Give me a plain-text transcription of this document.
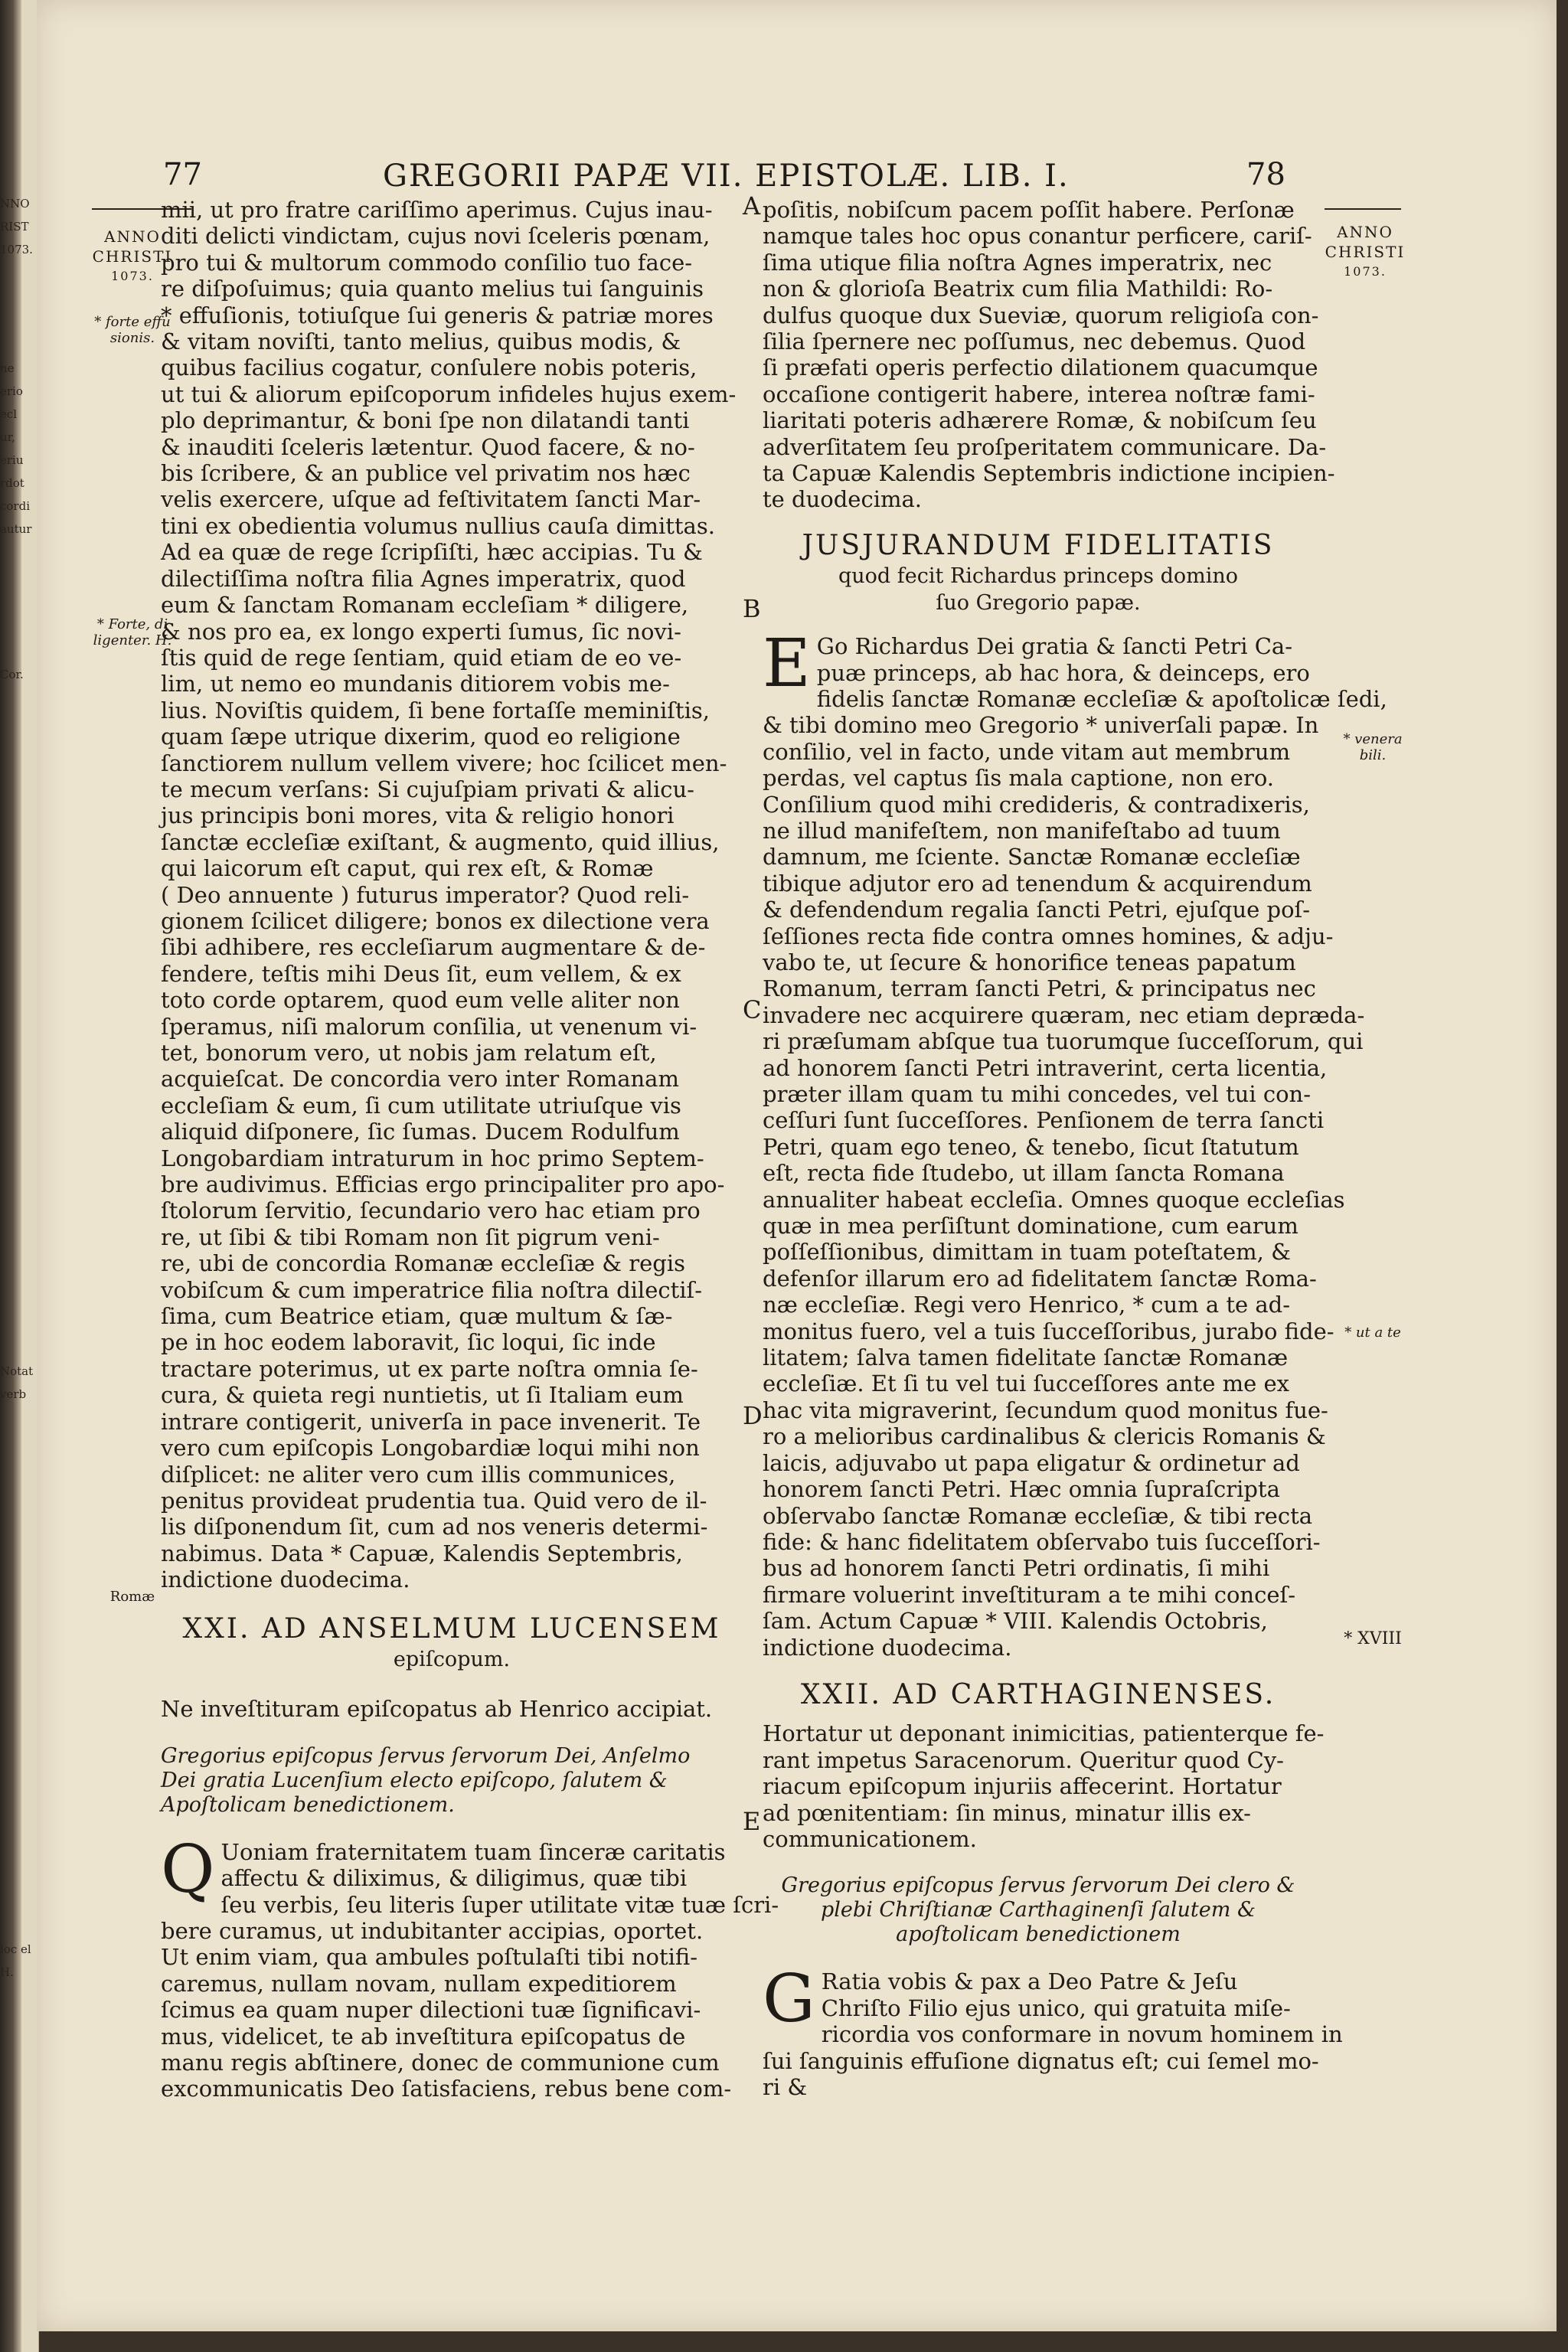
77	GREGORII PAPÆ VII. EPISTOLÆ. LIB. I.	78
ANNO
CHRISTI
1073.
* forte effu sionis.
* Forte, di ligenter. H.
Romæ
ANNO
CHRISTI
1073.
* venera bili.
* ut a te
* XVIII
A
B
C
D
E
mii, ut pro fratre cariſſimo aperimus. Cujus inau-
diti delicti vindictam, cujus novi ſceleris pœnam,
pro tui & multorum commodo conſilio tuo face-
re diſpoſuimus; quia quanto melius tui ſanguinis
* effuſionis, totiuſque ſui generis & patriæ mores
& vitam noviſti, tanto melius, quibus modis, &
quibus facilius cogatur, conſulere nobis poteris,
ut tui & aliorum epiſcoporum infideles hujus exem-
plo deprimantur, & boni ſpe non dilatandi tanti
& inauditi ſceleris lætentur. Quod facere, & no-
bis ſcribere, & an publice vel privatim nos hæc
velis exercere, uſque ad feſtivitatem ſancti Mar-
tini ex obedientia volumus nullius cauſa dimittas.
Ad ea quæ de rege ſcripſiſti, hæc accipias. Tu &
dilectiſſima noſtra filia Agnes imperatrix, quod
eum & ſanctam Romanam eccleſiam * diligere,
& nos pro ea, ex longo experti ſumus, ſic novi-
ſtis quid de rege ſentiam, quid etiam de eo ve-
lim, ut nemo eo mundanis ditiorem vobis me-
lius. Noviſtis quidem, ſi bene fortaſſe meminiſtis,
quam ſæpe utrique dixerim, quod eo religione
ſanctiorem nullum vellem vivere; hoc ſcilicet men-
te mecum verſans: Si cujuſpiam privati & alicu-
jus principis boni mores, vita & religio honori
ſanctæ eccleſiæ exiſtant, & augmento, quid illius,
qui laicorum eſt caput, qui rex eſt, & Romæ
( Deo annuente ) futurus imperator? Quod reli-
gionem ſcilicet diligere; bonos ex dilectione vera
ſibi adhibere, res eccleſiarum augmentare & de-
fendere, teſtis mihi Deus ſit, eum vellem, & ex
toto corde optarem, quod eum velle aliter non
ſperamus, niſi malorum conſilia, ut venenum vi-
tet, bonorum vero, ut nobis jam relatum eſt,
acquieſcat. De concordia vero inter Romanam
eccleſiam & eum, ſi cum utilitate utriuſque vis
aliquid diſponere, ſic ſumas. Ducem Rodulfum
Longobardiam intraturum in hoc primo Septem-
bre audivimus. Efficias ergo principaliter pro apo-
ſtolorum ſervitio, ſecundario vero hac etiam pro
re, ut ſibi & tibi Romam non ſit pigrum veni-
re, ubi de concordia Romanæ eccleſiæ & regis
vobiſcum & cum imperatrice filia noſtra dilectiſ-
ſima, cum Beatrice etiam, quæ multum & ſæ-
pe in hoc eodem laboravit, ſic loqui, ſic inde
tractare poterimus, ut ex parte noſtra omnia ſe-
cura, & quieta regi nuntietis, ut ſi Italiam eum
intrare contigerit, univerſa in pace invenerit. Te
vero cum epiſcopis Longobardiæ loqui mihi non
diſplicet: ne aliter vero cum illis communices,
penitus provideat prudentia tua. Quid vero de il-
lis diſponendum ſit, cum ad nos veneris determi-
nabimus. Data * Capuæ, Kalendis Septembris,
indictione duodecima.
XXI. AD ANSELMUM LUCENSEM
epiſcopum.
Ne inveſtituram epiſcopatus ab Henrico accipiat.
Gregorius epiſcopus ſervus ſervorum Dei, Anſelmo
Dei gratia Lucenſium electo epiſcopo, ſalutem &
Apoſtolicam benedictionem.
Q Uoniam fraternitatem tuam ſinceræ caritatis
affectu & diliximus, & diligimus, quæ tibi
ſeu verbis, ſeu literis ſuper utilitate vitæ tuæ ſcri-
bere curamus, ut indubitanter accipias, oportet.
Ut enim viam, qua ambules poſtulaſti tibi notifi-
caremus, nullam novam, nullam expeditiorem
ſcimus ea quam nuper dilectioni tuæ ſignificavi-
mus, videlicet, te ab inveſtitura epiſcopatus de
manu regis abſtinere, donec de communione cum
excommunicatis Deo ſatisfaciens, rebus bene com-
poſitis, nobiſcum pacem poſſit habere. Perſonæ
namque tales hoc opus conantur perficere, cariſ-
ſima utique filia noſtra Agnes imperatrix, nec
non & glorioſa Beatrix cum filia Mathildi: Ro-
dulfus quoque dux Sueviæ, quorum religioſa con-
ſilia ſpernere nec poſſumus, nec debemus. Quod
ſi præfati operis perfectio dilationem quacumque
occaſione contigerit habere, interea noſtræ fami-
liaritati poteris adhærere Romæ, & nobiſcum ſeu
adverſitatem ſeu proſperitatem communicare. Da-
ta Capuæ Kalendis Septembris indictione incipien-
te duodecima.
JUSJURANDUM FIDELITATIS
quod fecit Richardus princeps domino
ſuo Gregorio papæ.
E Go Richardus Dei gratia & ſancti Petri Ca-
puæ princeps, ab hac hora, & deinceps, ero
fidelis ſanctæ Romanæ eccleſiæ & apoſtolicæ ſedi,
& tibi domino meo Gregorio * univerſali papæ. In
conſilio, vel in facto, unde vitam aut membrum
perdas, vel captus ſis mala captione, non ero.
Conſilium quod mihi credideris, & contradixeris,
ne illud manifeſtem, non manifeſtabo ad tuum
damnum, me ſciente. Sanctæ Romanæ eccleſiæ
tibique adjutor ero ad tenendum & acquirendum
& defendendum regalia ſancti Petri, ejuſque poſ-
ſeſſiones recta fide contra omnes homines, & adju-
vabo te, ut ſecure & honorifice teneas papatum
Romanum, terram ſancti Petri, & principatus nec
invadere nec acquirere quæram, nec etiam deprædа-
ri præſumam abſque tua tuorumque ſucceſſorum, qui
ad honorem ſancti Petri intraverint, certa licentia,
præter illam quam tu mihi concedes, vel tui con-
ceſſuri ſunt ſucceſſores. Penſionem de terra ſancti
Petri, quam ego teneo, & tenebo, ſicut ſtatutum
eſt, recta fide ſtudebo, ut illam ſancta Romana
annualiter habeat eccleſia. Omnes quoque eccleſias
quæ in mea perſiſtunt dominatione, cum earum
poſſeſſionibus, dimittam in tuam poteſtatem, &
defenſor illarum ero ad fidelitatem ſanctæ Roma-
næ eccleſiæ. Regi vero Henrico, * cum a te ad-
monitus fuero, vel a tuis ſucceſſoribus, jurabo fide-
litatem; ſalva tamen fidelitate ſanctæ Romanæ
eccleſiæ. Et ſi tu vel tui ſucceſſores ante me ex
hac vita migraverint, ſecundum quod monitus fue-
ro a melioribus cardinalibus & clericis Romanis &
laicis, adjuvabo ut papa eligatur & ordinetur ad
honorem ſancti Petri. Hæc omnia ſupraſcripta
obſervabo ſanctæ Romanæ eccleſiæ, & tibi recta
fide: & hanc fidelitatem obſervabo tuis ſucceſſori-
bus ad honorem ſancti Petri ordinatis, ſi mihi
firmare voluerint inveſtituram a te mihi conceſ-
ſam. Actum Capuæ * VIII. Kalendis Octobris,
indictione duodecima.
XXII. AD CARTHAGINENSES.
Hortatur ut deponant inimicitias, patienterque fe-
rant impetus Saracenorum. Queritur quod Cy-
riacum epiſcopum injuriis affecerint. Hortatur
ad pœnitentiam: ſin minus, minatur illis ex-
communicationem.
Gregorius epiſcopus ſervus ſervorum Dei clero &
plebi Chriſtianæ Carthaginenſi ſalutem &
apoſtolicam benedictionem
G Ratia vobis & pax a Deo Patre & Jeſu
Chriſto Filio ejus unico, qui gratuita miſe-
ricordia vos conformare in novum hominem in
ſui ſanguinis effuſione dignatus eſt; cui ſemel mo-
ri &
NNO
RIST
1073.
ne
erio
ecl
ur,
eriu
rdot
cordi
autur
Cor.
Notat
verb
ioc el
H.
